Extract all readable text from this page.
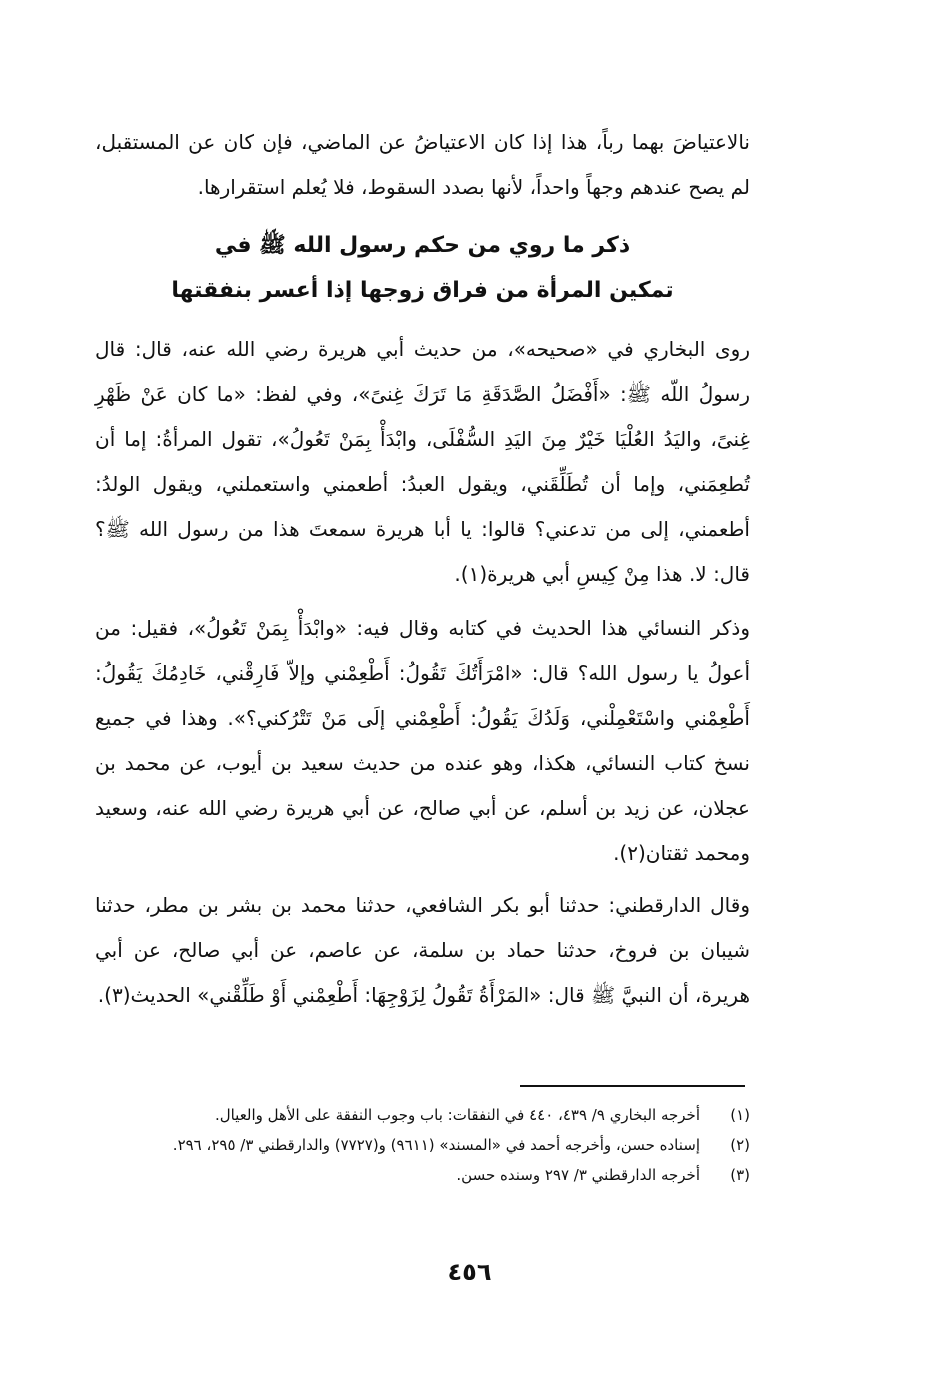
نالاعتياضَ بهما رباً، هذا إذا كان الاعتياضُ عن الماضي، فإن كان عن المستقبل، لم يصح عندهم وجهاً واحداً، لأنها بصدد السقوط، فلا يُعلم استقرارها.
ذكر ما روي من حكم رسول الله ﷺ في
تمكين المرأة من فراق زوجها إذا أعسر بنفقتها
روى البخاري في «صحيحه»، من حديث أبي هريرة رضي الله عنه، قال: قال رسولُ اللّه ﷺ: «أَفْضَلُ الصَّدَقَةِ مَا تَرَكَ غِنىً»، وفي لفظ: «ما كان عَنْ ظَهْرِ غِنىً، واليَدُ العُلْيَا خَيْرٌ مِنَ اليَدِ السُّفْلَى، وابْدَأْ بِمَنْ تَعُولُ»، تقول المرأةُ: إما أن تُطعِمَني، وإما أن تُطَلِّقَني، ويقول العبدُ: أطعمني واستعملني، ويقول الولدُ: أطعمني، إلى من تدعني؟ قالوا: يا أبا هريرة سمعتَ هذا من رسول الله ﷺ؟ قال: لا. هذا مِنْ كِيسِ أبي هريرة(١).
وذكر النسائي هذا الحديث في كتابه وقال فيه: «وابْدَأْ بِمَنْ تَعُولُ»، فقيل: من أعولُ يا رسول الله؟ قال: «امْرَأَتُكَ تَقُولُ: أَطْعِمْني وإلاّ فَارِقْني، خَادِمُكَ يَقُولُ: أَطْعِمْني واسْتَعْمِلْني، وَلَدُكَ يَقُولُ: أَطْعِمْني إلَى مَنْ تَتْرُكني؟». وهذا في جميع نسخ كتاب النسائي، هكذا، وهو عنده من حديث سعيد بن أيوب، عن محمد بن عجلان، عن زيد بن أسلم، عن أبي صالح، عن أبي هريرة رضي الله عنه، وسعيد ومحمد ثقتان(٢).
وقال الدارقطني: حدثنا أبو بكر الشافعي، حدثنا محمد بن بشر بن مطر، حدثنا شيبان بن فروخ، حدثنا حماد بن سلمة، عن عاصم، عن أبي صالح، عن أبي هريرة، أن النبيَّ ﷺ قال: «المَرْأَةُ تَقُولُ لِزَوْجِهَا: أَطْعِمْني أَوْ طَلِّقْني» الحديث(٣).
(١)
أخرجه البخاري ٩/ ٤٣٩، ٤٤٠ في النفقات: باب وجوب النفقة على الأهل والعيال.
(٢)
إسناده حسن، وأخرجه أحمد في «المسند» (٩٦١١) و(٧٧٢٧) والدارقطني ٣/ ٢٩٥، ٢٩٦.
(٣)
أخرجه الدارقطني ٣/ ٢٩٧ وسنده حسن.
٤٥٦
